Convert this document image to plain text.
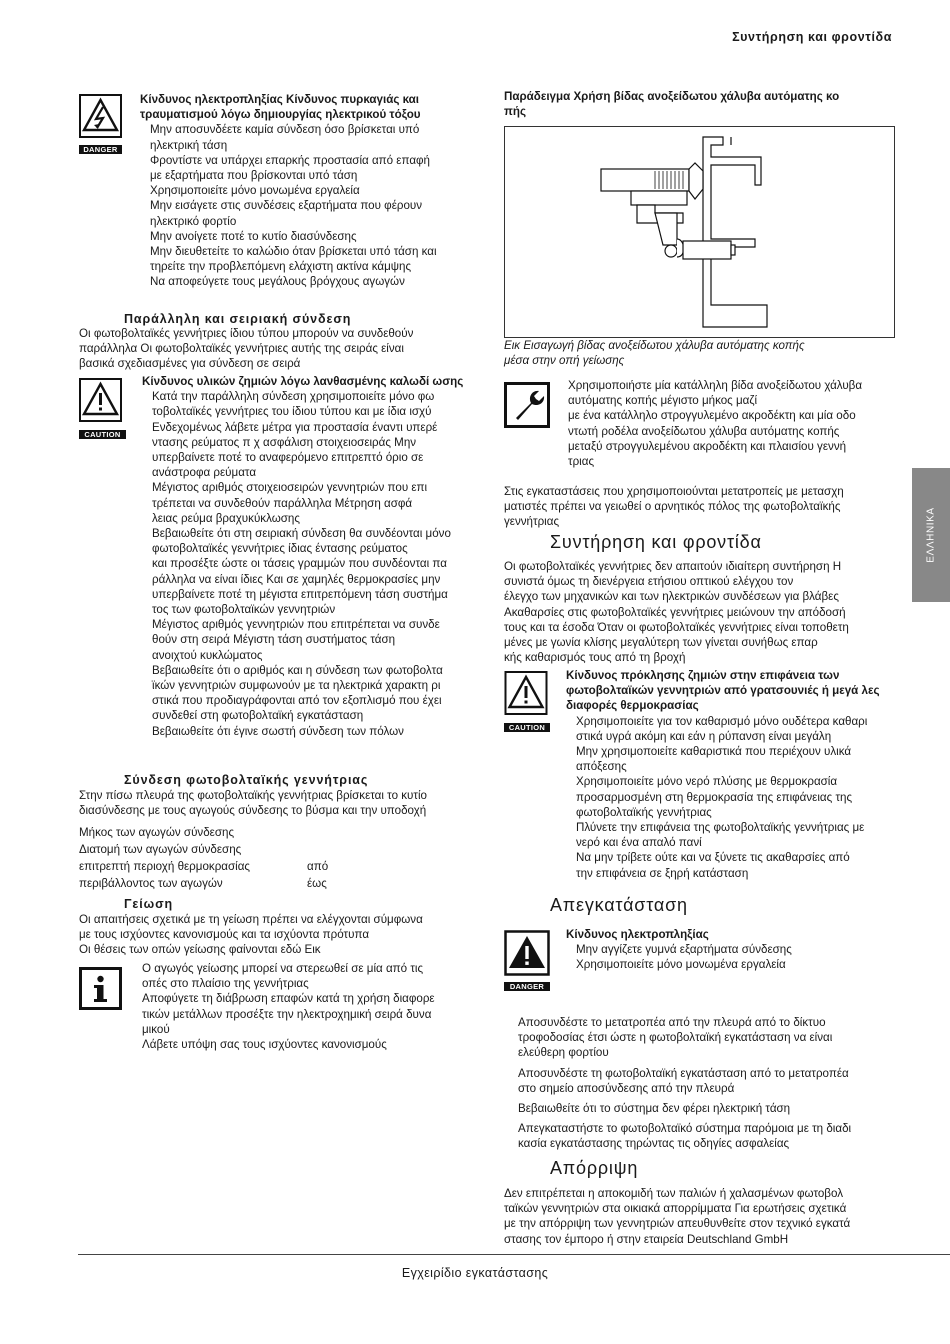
Συντήρηση και φροντίδα
ΕΛΛΗΝΙΚΑ
DANGER

Κίνδυνος ηλεκτροπληξίας Κίνδυνος πυρκαγιάς και τραυματισμού λόγω δημιουργίας ηλεκτρικού τόξου

Μην αποσυνδέετε καμία σύνδεση όσο βρίσκεται υπό
ηλεκτρική τάση
Φροντίστε να υπάρχει επαρκής προστασία από επαφή
με εξαρτήματα που βρίσκονται υπό τάση
Χρησιμοποιείτε μόνο μονωμένα εργαλεία
Μην εισάγετε στις συνδέσεις εξαρτήματα που φέρουν
ηλεκτρικό φορτίο
Μην ανοίγετε ποτέ το κυτίο διασύνδεσης
Μην διευθετείτε το καλώδιο όταν βρίσκεται υπό τάση και
τηρείτε την προβλεπόμενη ελάχιστη ακτίνα κάμψης
Να αποφεύγετε τους μεγάλους βρόγχους αγωγών
Παράλληλη και σειριακή σύνδεση
Οι φωτοβολταϊκές γεννήτριες ίδιου τύπου μπορούν να συνδεθούν
παράλληλα Οι φωτοβολταϊκές γεννήτριες αυτής της σειράς είναι
βασικά σχεδιασμένες για σύνδεση σε σειρά
CAUTION

Κίνδυνος υλικών ζημιών λόγω λανθασμένης καλωδί ωσης

Κατά την παράλληλη σύνδεση χρησιμοποιείτε μόνο φω
τοβολταϊκές γεννήτριες του ίδιου τύπου και με ίδια ισχύ
Ενδεχομένως λάβετε μέτρα για προστασία έναντι υπερέ
ντασης ρεύματος π χ ασφάλιση στοιχειοσειράς Μην
υπερβαίνετε ποτέ το αναφερόμενο επιτρεπτό όριο σε
ανάστροφα ρεύματα
Μέγιστος αριθμός στοιχειοσειρών γεννητριών που επι
τρέπεται να συνδεθούν παράλληλα Μέτρηση ασφά
λειας ρεύμα βραχυκύκλωσης
Βεβαιωθείτε ότι στη σειριακή σύνδεση θα συνδέονται μόνο
φωτοβολταϊκές γεννήτριες ίδιας έντασης ρεύματος
και προσέξτε ώστε οι τάσεις γραμμών που συνδέονται πα
ράλληλα να είναι ίδιες Και σε χαμηλές θερμοκρασίες μην
υπερβαίνετε ποτέ τη μέγιστα επιτρεπόμενη τάση συστήμα
τος των φωτοβολταϊκών γεννητριών
Μέγιστος αριθμός γεννητριών που επιτρέπεται να συνδε
θούν στη σειρά Μέγιστη τάση συστήματος τάση
ανοιχτού κυκλώματος
Βεβαιωθείτε ότι ο αριθμός και η σύνδεση των φωτοβολτα
ϊκών γεννητριών συμφωνούν με τα ηλεκτρικά χαρακτη ρι
στικά που προδιαγράφονται από τον εξοπλισμό που έχει
συνδεθεί στη φωτοβολταϊκή εγκατάσταση
Βεβαιωθείτε ότι έγινε σωστή σύνδεση των πόλων
Σύνδεση φωτοβολταϊκής γεννήτριας
Στην πίσω πλευρά της φωτοβολταϊκής γεννήτριας βρίσκεται το κυτίο
διασύνδεσης με τους αγωγούς σύνδεσης το βύσμα και την υποδοχή
Μήκος των αγωγών σύνδεσης
Διατομή των αγωγών σύνδεσης
επιτρεπτή περιοχή θερμοκρασίας	από
περιβάλλοντος των αγωγών	έως
Γείωση
Οι απαιτήσεις σχετικά με τη γείωση πρέπει να ελέγχονται σύμφωνα
με τους ισχύοντες κανονισμούς και τα ισχύοντα πρότυπα
Οι θέσεις των οπών γείωσης φαίνονται εδώ Εικ
Ο αγωγός γείωσης μπορεί να στερεωθεί σε μία από τις
οπές στο πλαίσιο της γεννήτριας
Αποφύγετε τη διάβρωση επαφών κατά τη χρήση διαφορε
τικών μετάλλων προσέξτε την ηλεκτροχημική σειρά δυνα
μικού
Λάβετε υπόψη σας τους ισχύοντες κανονισμούς
Παράδειγμα Χρήση βίδας ανοξείδωτου χάλυβα αυτόματης κο
πής
Εικ Εισαγωγή βίδας ανοξείδωτου χάλυβα αυτόματης κοπής
μέσα στην οπή γείωσης
Χρησιμοποιήστε μία κατάλληλη βίδα ανοξείδωτου χάλυβα
αυτόματης κοπής μέγιστο μήκος μαζί
με ένα κατάλληλο στρογγυλεμένο ακροδέκτη και μία οδο
ντωτή ροδέλα ανοξείδωτου χάλυβα αυτόματης κοπής
μεταξύ στρογγυλεμένου ακροδέκτη και πλαισίου γεννή
τριας
Στις εγκαταστάσεις που χρησιμοποιούνται μετατροπείς με μετασχη
ματιστές πρέπει να γειωθεί ο αρνητικός πόλος της φωτοβολταϊκής
γεννήτριας
Συντήρηση και φροντίδα
Οι φωτοβολταϊκές γεννήτριες δεν απαιτούν ιδιαίτερη συντήρηση Η
συνιστά όμως τη διενέργεια ετήσιου οπτικού ελέγχου τον
έλεγχο των μηχανικών και των ηλεκτρικών συνδέσεων για βλάβες
Ακαθαρσίες στις φωτοβολταϊκές γεννήτριες μειώνουν την απόδοσή
τους και τα έσοδα Όταν οι φωτοβολταϊκές γεννήτριες είναι τοποθετη
μένες με γωνία κλίσης μεγαλύτερη των γίνεται συνήθως επαρ
κής καθαρισμός τους από τη βροχή
CAUTION

Κίνδυνος πρόκλησης ζημιών στην επιφάνεια των φωτοβολταϊκών γεννητριών από γρατσουνιές ή μεγά λες διαφορές θερμοκρασίας

Χρησιμοποιείτε για τον καθαρισμό μόνο ουδέτερα καθαρι
στικά υγρά ακόμη και εάν η ρύπανση είναι μεγάλη
Μην χρησιμοποιείτε καθαριστικά που περιέχουν υλικά
απόξεσης
Χρησιμοποιείτε μόνο νερό πλύσης με θερμοκρασία
προσαρμοσμένη στη θερμοκρασία της επιφάνειας της
φωτοβολταϊκής γεννήτριας
Πλύνετε την επιφάνεια της φωτοβολταϊκής γεννήτριας με
νερό και ένα απαλό πανί
Να μην τρίβετε ούτε και να ξύνετε τις ακαθαρσίες από
την επιφάνεια σε ξηρή κατάσταση
Απεγκατάσταση
DANGER

Κίνδυνος ηλεκτροπληξίας

Μην αγγίζετε γυμνά εξαρτήματα σύνδεσης
Χρησιμοποιείτε μόνο μονωμένα εργαλεία
Αποσυνδέστε το μετατροπέα από την πλευρά από το δίκτυο
τροφοδοσίας έτσι ώστε η φωτοβολταϊκή εγκατάσταση να είναι
ελεύθερη φορτίου
Αποσυνδέστε τη φωτοβολταϊκή εγκατάσταση από το μετατροπέα
στο σημείο αποσύνδεσης από την πλευρά
Βεβαιωθείτε ότι το σύστημα δεν φέρει ηλεκτρική τάση
Απεγκαταστήστε το φωτοβολταϊκό σύστημα παρόμοια με τη διαδι
κασία εγκατάστασης τηρώντας τις οδηγίες ασφαλείας
Απόρριψη
Δεν επιτρέπεται η αποκομιδή των παλιών ή χαλασμένων φωτοβολ
ταϊκών γεννητριών στα οικιακά απορρίμματα Για ερωτήσεις σχετικά
με την απόρριψη των γεννητριών απευθυνθείτε στον τεχνικό εγκατά
στασης τον έμπορο ή στην εταιρεία Deutschland GmbH
Εγχειρίδιο εγκατάστασης
